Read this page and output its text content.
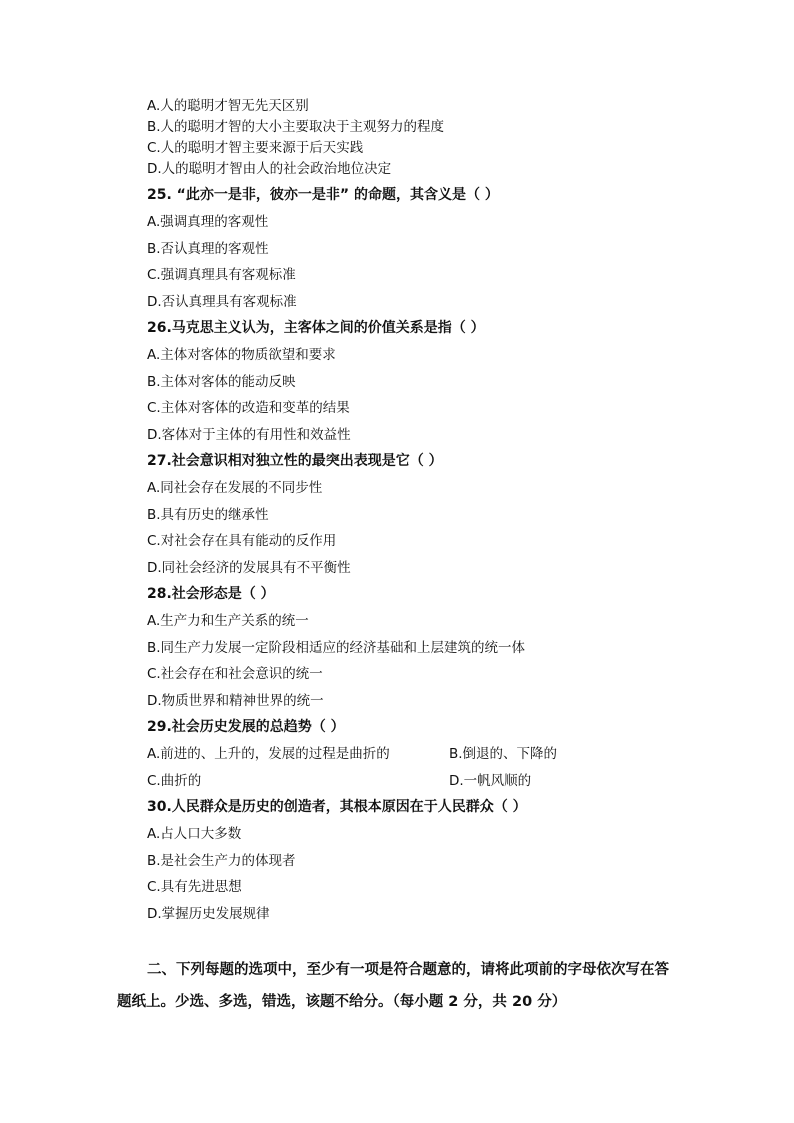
A.人的聪明才智无先天区别
B.人的聪明才智的大小主要取决于主观努力的程度
C.人的聪明才智主要来源于后天实践
D.人的聪明才智由人的社会政治地位决定
25. “此亦一是非，彼亦一是非” 的命题，其含义是（ ）
A.强调真理的客观性
B.否认真理的客观性
C.强调真理具有客观标准
D.否认真理具有客观标准
26.马克思主义认为，主客体之间的价值关系是指（ ）
A.主体对客体的物质欲望和要求
B.主体对客体的能动反映
C.主体对客体的改造和变革的结果
D.客体对于主体的有用性和效益性
27.社会意识相对独立性的最突出表现是它（ ）
A.同社会存在发展的不同步性
B.具有历史的继承性
C.对社会存在具有能动的反作用
D.同社会经济的发展具有不平衡性
28.社会形态是（ ）
A.生产力和生产关系的统一
B.同生产力发展一定阶段相适应的经济基础和上层建筑的统一体
C.社会存在和社会意识的统一
D.物质世界和精神世界的统一
29.社会历史发展的总趋势（ ）
A.前进的、上升的，发展的过程是曲折的	B.倒退的、下降的
C.曲折的	D.一帆风顺的
30.人民群众是历史的创造者，其根本原因在于人民群众（ ）
A.占人口大多数
B.是社会生产力的体现者
C.具有先进思想
D.掌握历史发展规律
二、下列每题的选项中，至少有一项是符合题意的，请将此项前的字母依次写在答题纸上。少选、多选，错选，该题不给分。（每小题 2 分，共 20 分）
